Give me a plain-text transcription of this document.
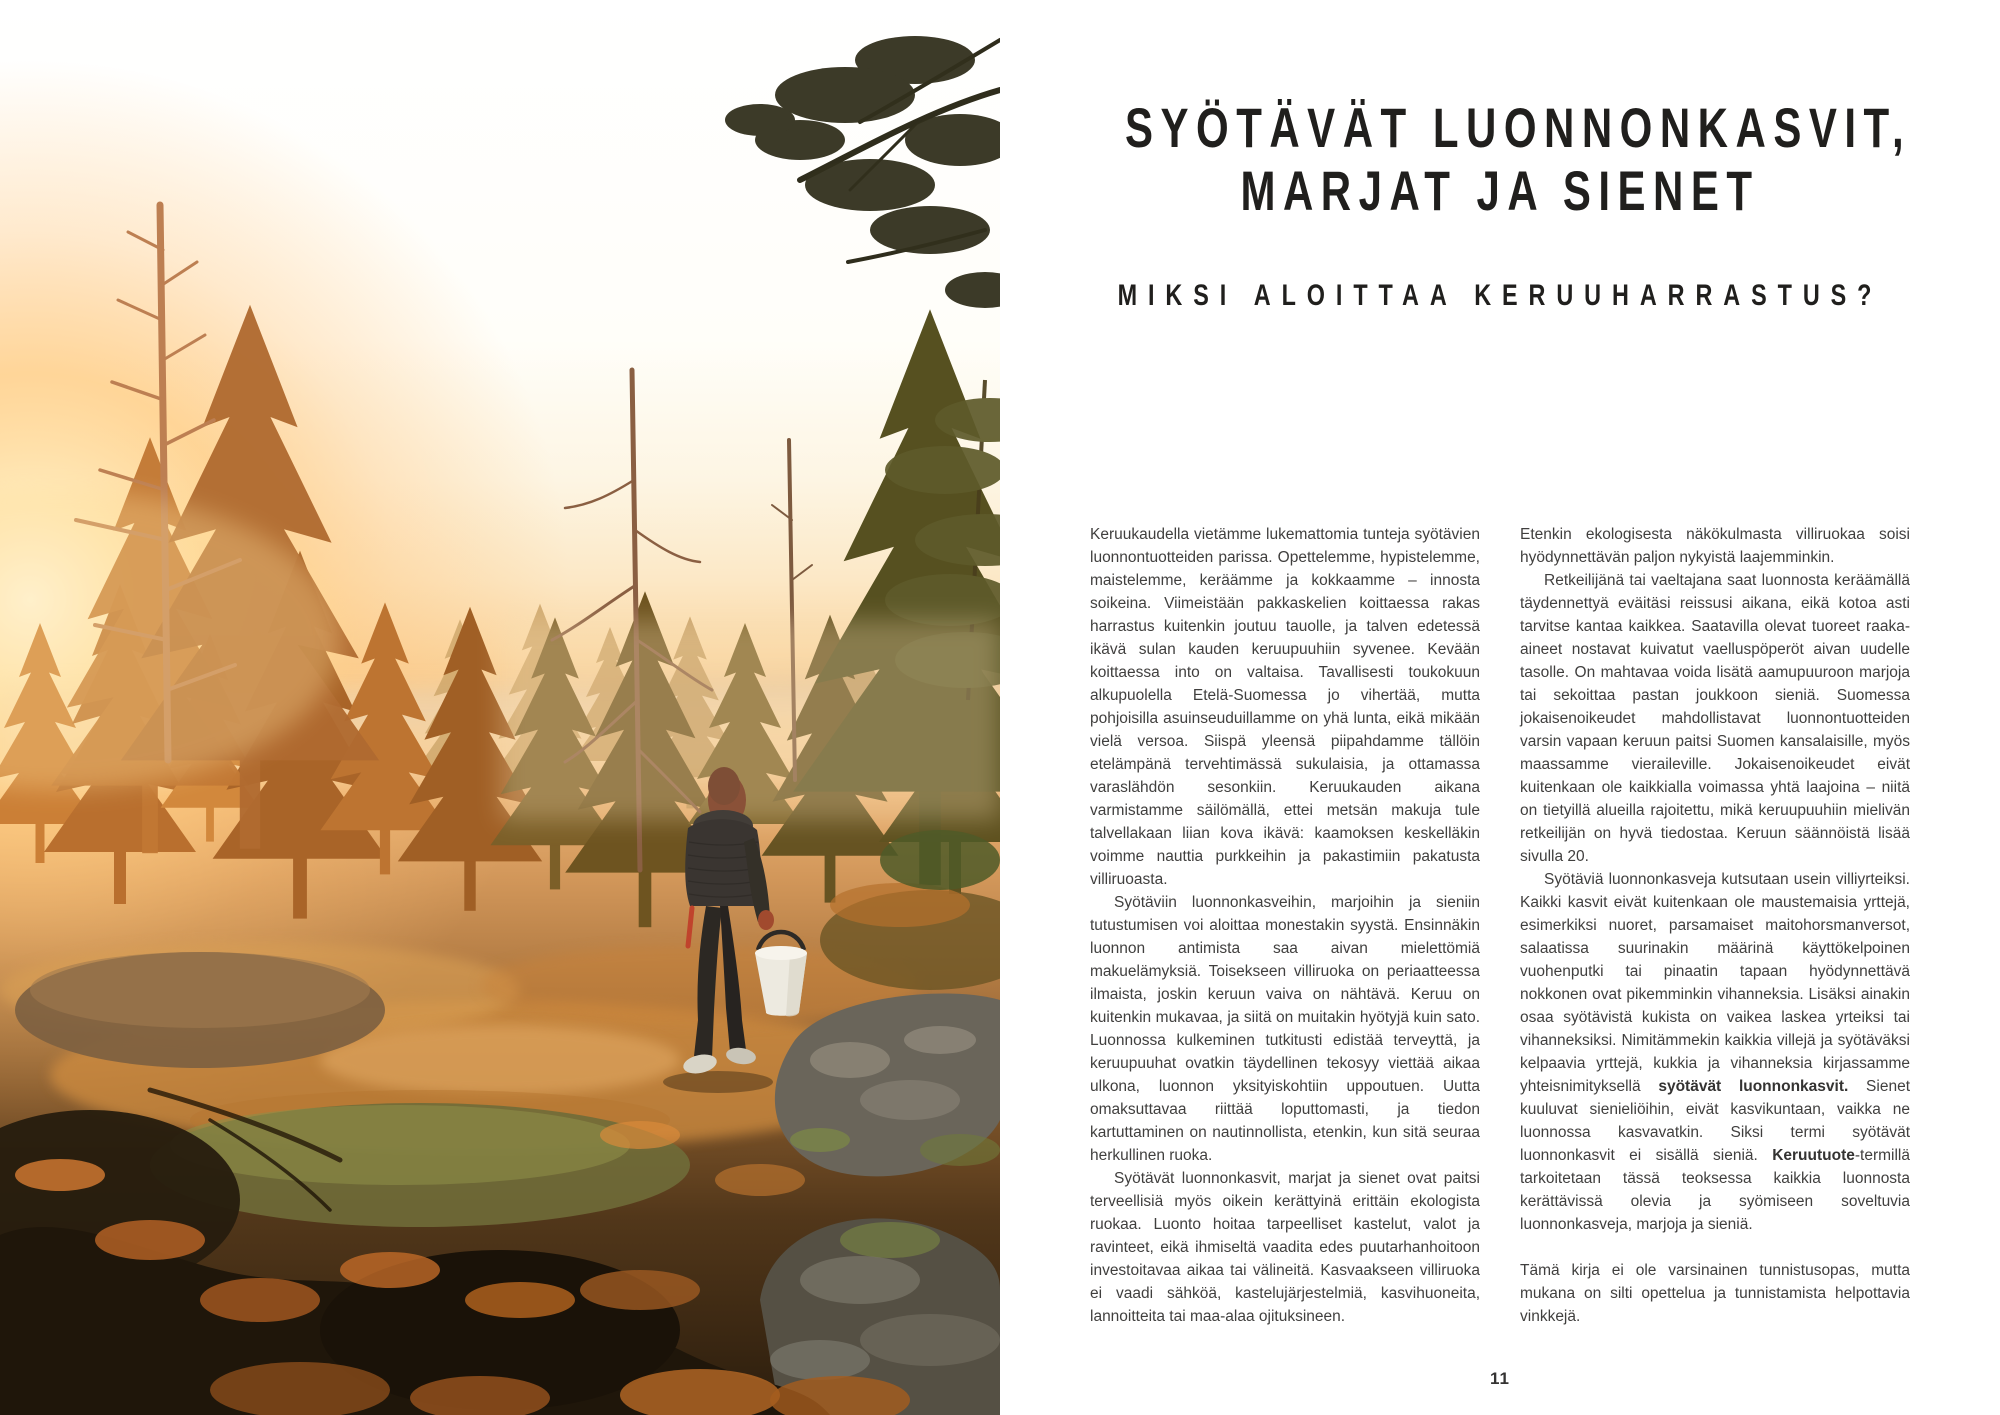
SYÖTÄVÄT LUONNONKASVIT,
MARJAT JA SIENET
MIKSI ALOITTAA KERUUHARRASTUS?

Keruukaudella vietämme lukemattomia tunteja syötävien luonnontuotteiden parissa. Opettelemme, hypistelemme, maistelemme, keräämme ja kokkaamme – innosta soikeina. Viimeistään pakkaskelien koittaessa rakas harrastus kuitenkin joutuu tauolle, ja talven edetessä ikävä sulan kauden keruupuuhiin syvenee. Kevään koittaessa into on valtaisa. Tavallisesti toukokuun alkupuolella Etelä-Suomessa jo vihertää, mutta pohjoisilla asuinseuduillamme on yhä lunta, eikä mikään vielä versoa. Siispä yleensä piipahdamme tällöin etelämpänä tervehtimässä sukulaisia, ja ottamassa varaslähdön sesonkiin. Keruukauden aikana varmistamme säilömällä, ettei metsän makuja tule talvellakaan liian kova ikävä: kaamoksen keskelläkin voimme nauttia purkkeihin ja pakastimiin pakatusta villiruoasta.

Syötäviin luonnonkasveihin, marjoihin ja sieniin tutustumisen voi aloittaa monestakin syystä. Ensinnäkin luonnon antimista saa aivan mielettömiä makuelämyksiä. Toisekseen villiruoka on periaatteessa ilmaista, joskin keruun vaiva on nähtävä. Keruu on kuitenkin mukavaa, ja siitä on muitakin hyötyjä kuin sato. Luonnossa kulkeminen tutkitusti edistää terveyttä, ja keruupuuhat ovatkin täydellinen tekosyy viettää aikaa ulkona, luonnon yksityiskohtiin uppoutuen. Uutta omaksuttavaa riittää loputtomasti, ja tiedon kartuttaminen on nautinnollista, etenkin, kun sitä seuraa herkullinen ruoka.

Syötävät luonnonkasvit, marjat ja sienet ovat paitsi terveellisiä myös oikein kerättyinä erittäin ekologista ruokaa. Luonto hoitaa tarpeelliset kastelut, valot ja ravinteet, eikä ihmiseltä vaadita edes puutarhanhoitoon investoitavaa aikaa tai välineitä. Kasvaakseen villiruoka ei vaadi sähköä, kastelujärjestelmiä, kasvihuoneita, lannoitteita tai maa-alaa ojituksineen.

Etenkin ekologisesta näkökulmasta villiruokaa soisi hyödynnettävän paljon nykyistä laajemminkin.

Retkeilijänä tai vaeltajana saat luonnosta keräämällä täydennettyä eväitäsi reissusi aikana, eikä kotoa asti tarvitse kantaa kaikkea. Saatavilla olevat tuoreet raaka-aineet nostavat kuivatut vaelluspöperöt aivan uudelle tasolle. On mahtavaa voida lisätä aamupuuroon marjoja tai sekoittaa pastan joukkoon sieniä. Suomessa jokaisenoikeudet mahdollistavat luonnontuotteiden varsin vapaan keruun paitsi Suomen kansalaisille, myös maassamme vieraileville. Jokaisenoikeudet eivät kuitenkaan ole kaikkialla voimassa yhtä laajoina – niitä on tietyillä alueilla rajoitettu, mikä keruupuuhiin mielivän retkeilijän on hyvä tiedostaa. Keruun säännöistä lisää sivulla 20.

Syötäviä luonnonkasveja kutsutaan usein villiyrteiksi. Kaikki kasvit eivät kuitenkaan ole maustemaisia yrttejä, esimerkiksi nuoret, parsamaiset maitohorsmanversot, salaatissa suurinakin määrinä käyttökelpoinen vuohenputki tai pinaatin tapaan hyödynnettävä nokkonen ovat pikemminkin vihanneksia. Lisäksi ainakin osaa syötävistä kukista on vaikea laskea yrteiksi tai vihanneksiksi. Nimitämmekin kaikkia villejä ja syötäväksi kelpaavia yrttejä, kukkia ja vihanneksia kirjassamme yhteisnimityksellä syötävät luonnonkasvit. Sienet kuuluvat sienieliöihin, eivät kasvikuntaan, vaikka ne luonnossa kasvavatkin. Siksi termi syötävät luonnonkasvit ei sisällä sieniä. Keruutuote-termillä tarkoitetaan tässä teoksessa kaikkia luonnosta kerättävissä olevia ja syömiseen soveltuvia luonnonkasveja, marjoja ja sieniä.

Tämä kirja ei ole varsinainen tunnistusopas, mutta mukana on silti opettelua ja tunnistamista helpottavia vinkkejä.

11
